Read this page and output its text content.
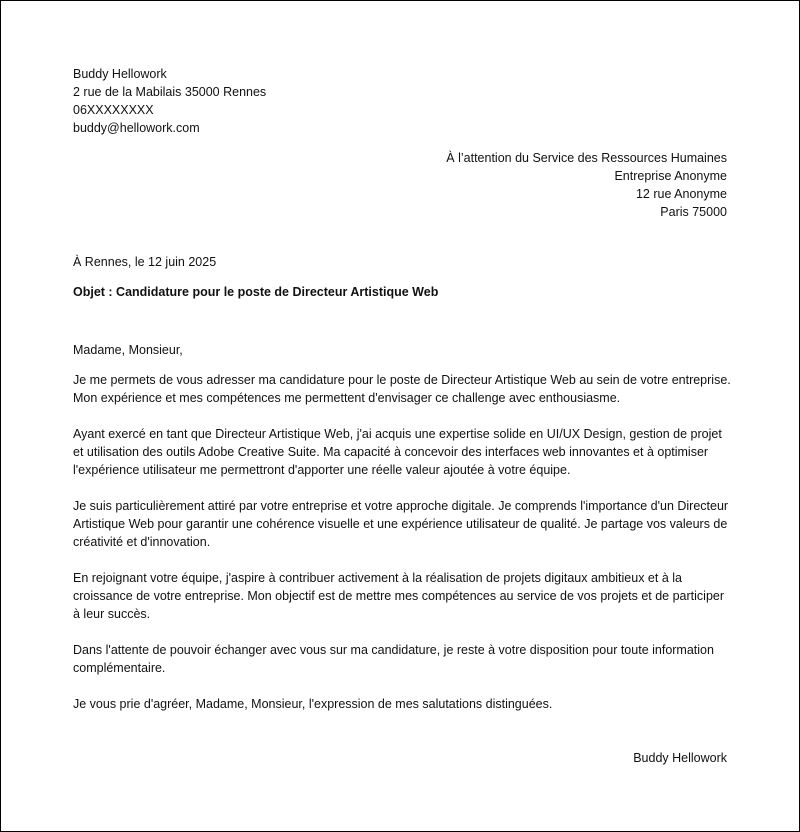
Buddy Hellowork
2 rue de la Mabilais 35000 Rennes
06XXXXXXXX
buddy@hellowork.com
À l’attention du Service des Ressources Humaines
Entreprise Anonyme
12 rue Anonyme
Paris 75000
À Rennes, le 12 juin 2025
Objet : Candidature pour le poste de Directeur Artistique Web

Madame, Monsieur,

Je me permets de vous adresser ma candidature pour le poste de Directeur Artistique Web au sein de votre entreprise. Mon expérience et mes compétences me permettent d'envisager ce challenge avec enthousiasme.

Ayant exercé en tant que Directeur Artistique Web, j'ai acquis une expertise solide en UI/UX Design, gestion de projet et utilisation des outils Adobe Creative Suite. Ma capacité à concevoir des interfaces web innovantes et à optimiser l'expérience utilisateur me permettront d'apporter une réelle valeur ajoutée à votre équipe.

Je suis particulièrement attiré par votre entreprise et votre approche digitale. Je comprends l'importance d'un Directeur Artistique Web pour garantir une cohérence visuelle et une expérience utilisateur de qualité. Je partage vos valeurs de créativité et d'innovation.

En rejoignant votre équipe, j'aspire à contribuer activement à la réalisation de projets digitaux ambitieux et à la croissance de votre entreprise. Mon objectif est de mettre mes compétences au service de vos projets et de participer à leur succès.

Dans l'attente de pouvoir échanger avec vous sur ma candidature, je reste à votre disposition pour toute information complémentaire.

Je vous prie d'agréer, Madame, Monsieur, l'expression de mes salutations distinguées.

Buddy Hellowork
